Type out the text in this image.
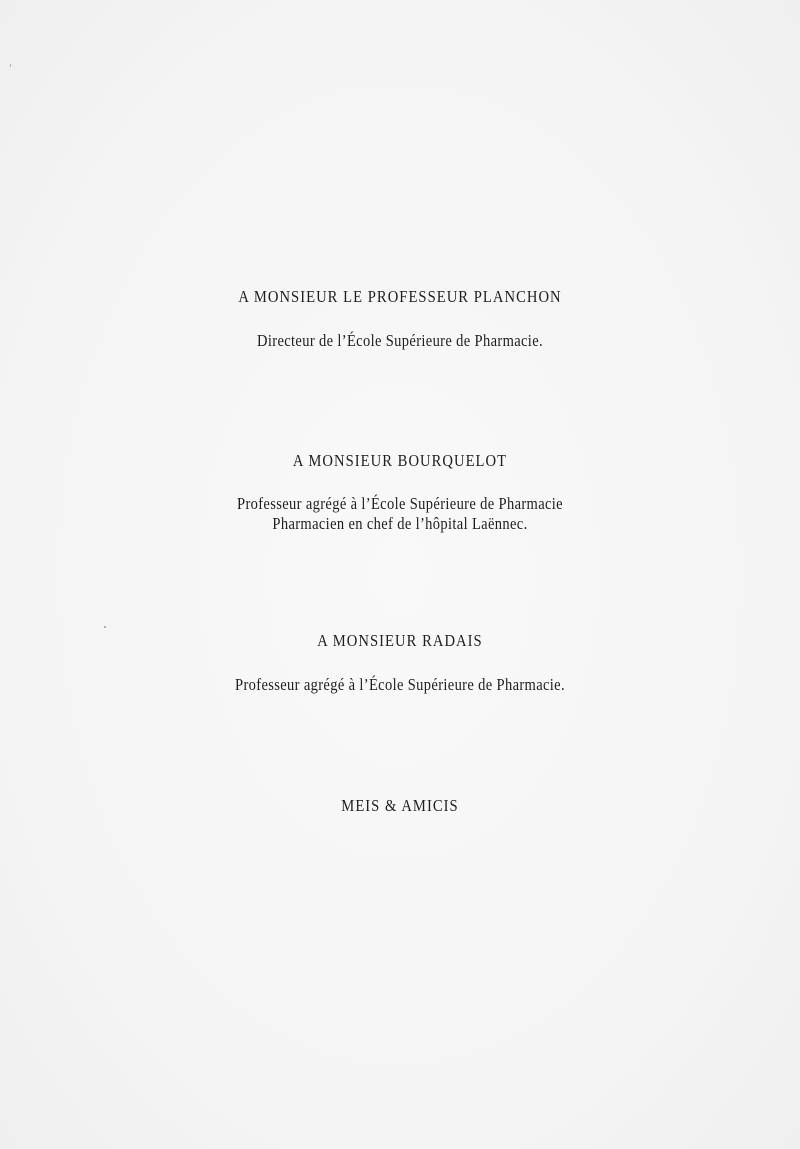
A MONSIEUR LE PROFESSEUR PLANCHON
Directeur de l’École Supérieure de Pharmacie.
A MONSIEUR BOURQUELOT
Professeur agrégé à l’École Supérieure de Pharmacie
Pharmacien en chef de l’hôpital Laënnec.
A MONSIEUR RADAIS
Professeur agrégé à l’École Supérieure de Pharmacie.
MEIS & AMICIS
